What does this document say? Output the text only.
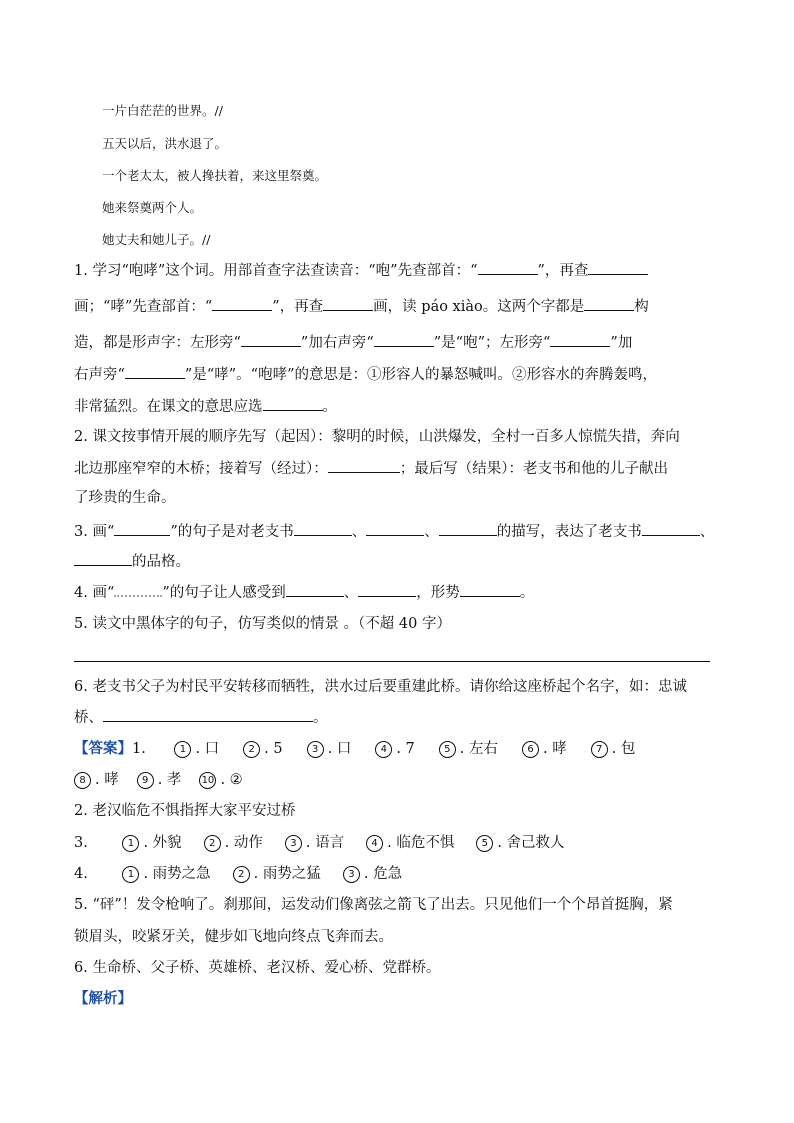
一片白茫茫的世界。//
五天以后，洪水退了。
一个老太太，被人搀扶着，来这里祭奠。
她来祭奠两个人。
她丈夫和她儿子。//
1. 学习“咆哮”这个词。用部首查字法查读音：“咆”先查部首：“	”，再查
画；“哮”先查部首：“	”，再查	画，读 páo xiào。这两个字都是	构
造，都是形声字：左形旁“	”加右声旁“	”是“咆”；左形旁“	”加
右声旁“	”是“哮”。“咆哮”的意思是：①形容人的暴怒喊叫。②形容水的奔腾轰鸣，
非常猛烈。在课文的意思应选	。
2. 课文按事情开展的顺序先写（起因）：黎明的时候，山洪爆发，全村一百多人惊慌失措，奔向
北边那座窄窄的木桥；接着写（经过）：	；最后写（结果）：老支书和他的儿子献出
了珍贵的生命。
3. 画“	”的句子是对老支书	、	、	的描写，表达了老支书	、
的品格。
4. 画“	”的句子让人感受到	、	，形势	。
5. 读文中黑体字的句子，仿写类似的情景 。（不超 40 字）
6. 老支书父子为村民平安转移而牺牲，洪水过后要重建此桥。请你给这座桥起个名字，如：忠诚
桥、	。
【答案】1.	1 . 口	2 . 5	3 . 口	4 . 7	5 . 左右	6 . 哮	7 . 包
8 . 哮 9 . 孝 10 . ②
2. 老汉临危不惧指挥大家平安过桥
3.	1 . 外貌	2 . 动作	3 . 语言	4 . 临危不惧	5 . 舍己救人
4.	1 . 雨势之急	2 . 雨势之猛	3 . 危急
5. “砰”！发令枪响了。刹那间，运发动们像离弦之箭飞了出去。只见他们一个个昂首挺胸，紧
锁眉头，咬紧牙关，健步如飞地向终点飞奔而去。
6. 生命桥、父子桥、英雄桥、老汉桥、爱心桥、党群桥。
【解析】
